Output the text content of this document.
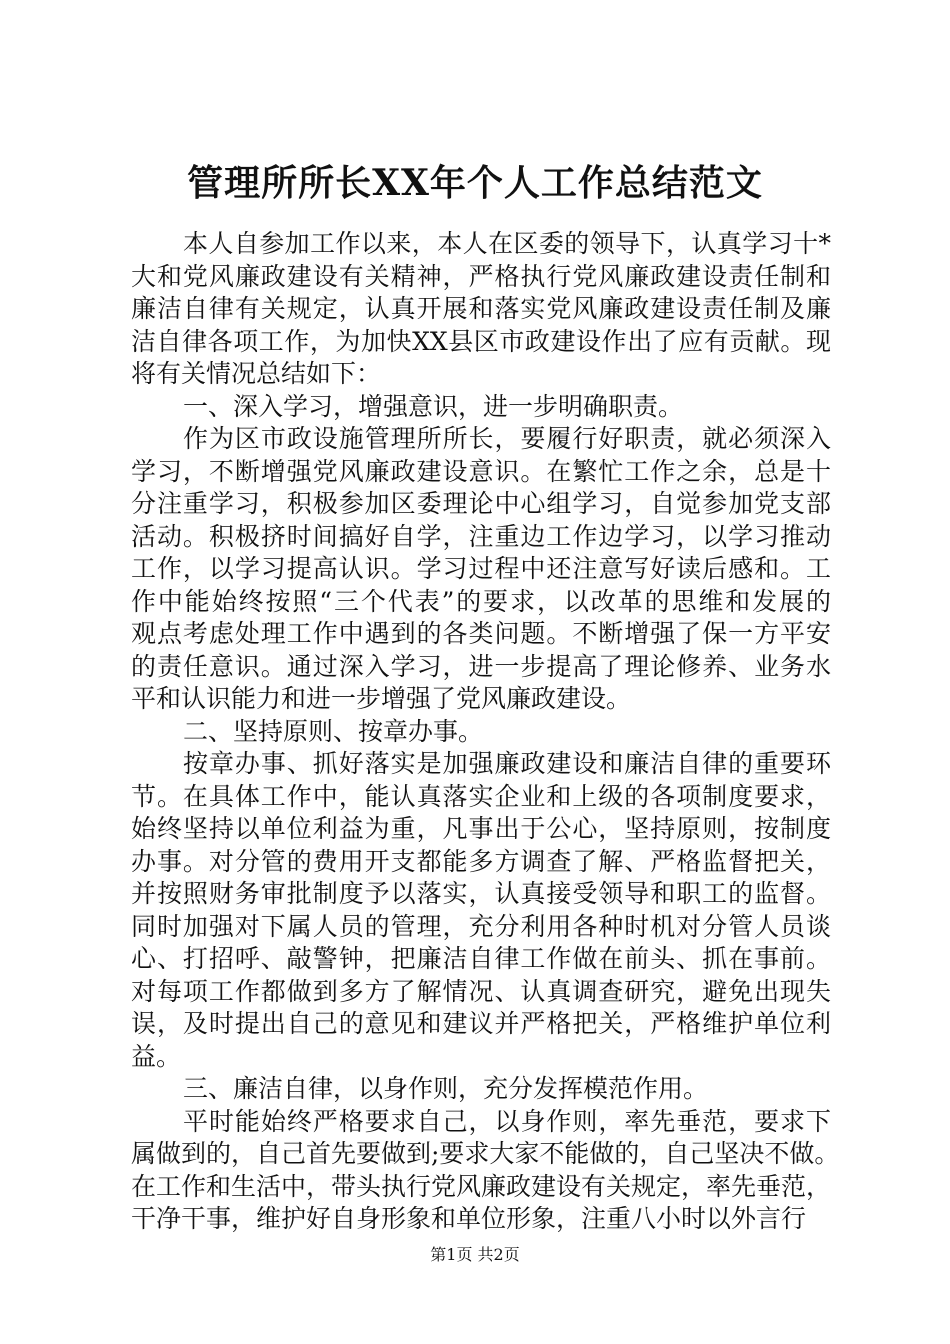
管理所所长XX年个人工作总结范文
本人自参加工作以来，本人在区委的领导下，认真学习十*
大和党风廉政建设有关精神，严格执行党风廉政建设责任制和
廉洁自律有关规定，认真开展和落实党风廉政建设责任制及廉
洁自律各项工作，为加快XX县区市政建设作出了应有贡献。现
将有关情况总结如下：
一、深入学习，增强意识，进一步明确职责。
作为区市政设施管理所所长，要履行好职责，就必须深入
学习，不断增强党风廉政建设意识。在繁忙工作之余，总是十
分注重学习，积极参加区委理论中心组学习，自觉参加党支部
活动。积极挤时间搞好自学，注重边工作边学习，以学习推动
工作，以学习提高认识。学习过程中还注意写好读后感和。工
作中能始终按照“三个代表”的要求，以改革的思维和发展的
观点考虑处理工作中遇到的各类问题。不断增强了保一方平安
的责任意识。通过深入学习，进一步提高了理论修养、业务水
平和认识能力和进一步增强了党风廉政建设。
二、坚持原则、按章办事。
按章办事、抓好落实是加强廉政建设和廉洁自律的重要环
节。在具体工作中，能认真落实企业和上级的各项制度要求，
始终坚持以单位利益为重，凡事出于公心，坚持原则，按制度
办事。对分管的费用开支都能多方调查了解、严格监督把关，
并按照财务审批制度予以落实，认真接受领导和职工的监督。
同时加强对下属人员的管理，充分利用各种时机对分管人员谈
心、打招呼、敲警钟，把廉洁自律工作做在前头、抓在事前。
对每项工作都做到多方了解情况、认真调查研究，避免出现失
误，及时提出自己的意见和建议并严格把关，严格维护单位利
益。
三、廉洁自律，以身作则，充分发挥模范作用。
平时能始终严格要求自己，以身作则，率先垂范，要求下
属做到的，自己首先要做到;要求大家不能做的，自己坚决不做。
在工作和生活中，带头执行党风廉政建设有关规定，率先垂范，
干净干事，维护好自身形象和单位形象，注重八小时以外言行
第1页 共2页
